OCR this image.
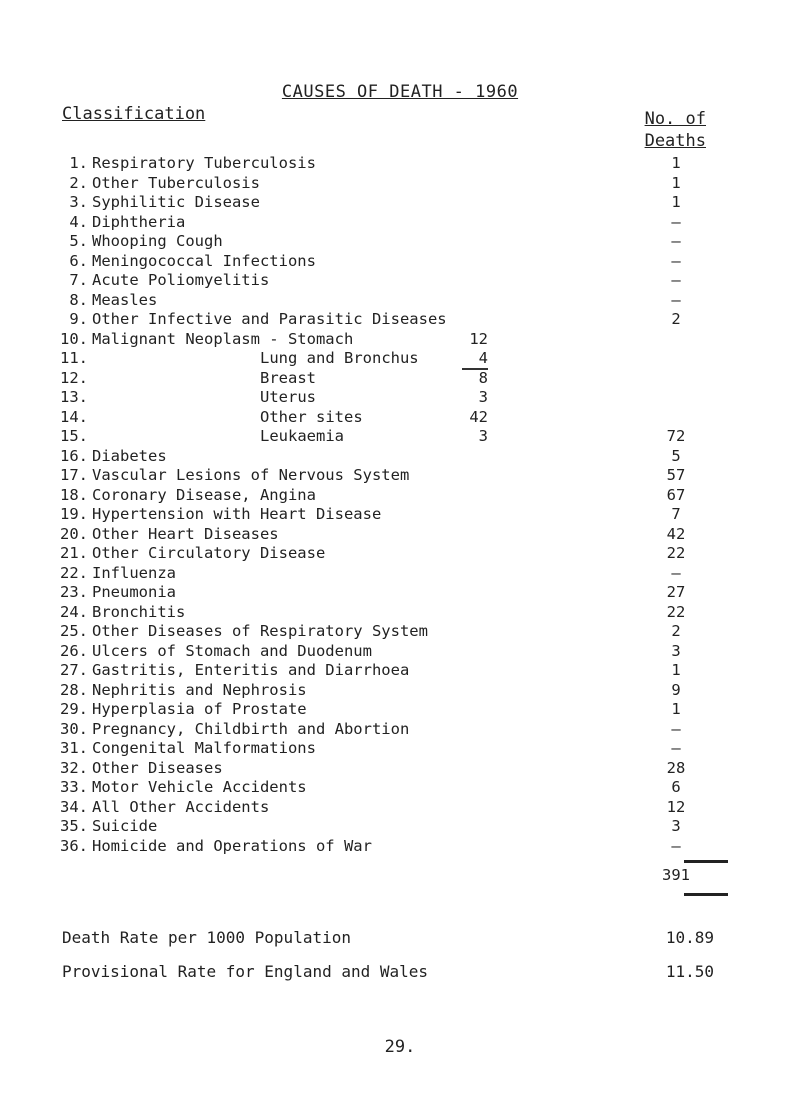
CAUSES OF DEATH - 1960
Classification	No. of
Deaths
1. Respiratory Tuberculosis	1
2. Other Tuberculosis	1
3. Syphilitic Disease	1
4. Diphtheria	–
5. Whooping Cough	–
6. Meningococcal Infections	–
7. Acute Poliomyelitis	–
8. Measles	–
9. Other Infective and Parasitic Diseases	2
10. Malignant Neoplasm - Stomach	12
11.	Lung and Bronchus	4
12.	Breast	8
13.	Uterus	3
14.	Other sites	42
15.	Leukaemia	3	72
16. Diabetes	5
17. Vascular Lesions of Nervous System	57
18. Coronary Disease, Angina	67
19. Hypertension with Heart Disease	7
20. Other Heart Diseases	42
21. Other Circulatory Disease	22
22. Influenza	–
23. Pneumonia	27
24. Bronchitis	22
25. Other Diseases of Respiratory System	2
26. Ulcers of Stomach and Duodenum	3
27. Gastritis, Enteritis and Diarrhoea	1
28. Nephritis and Nephrosis	9
29. Hyperplasia of Prostate	1
30. Pregnancy, Childbirth and Abortion	–
31. Congenital Malformations	–
32. Other Diseases	28
33. Motor Vehicle Accidents	6
34. All Other Accidents	12
35. Suicide	3
36. Homicide and Operations of War	–
391
Death Rate per 1000 Population	10.89
Provisional Rate for England and Wales	11.50
29.
